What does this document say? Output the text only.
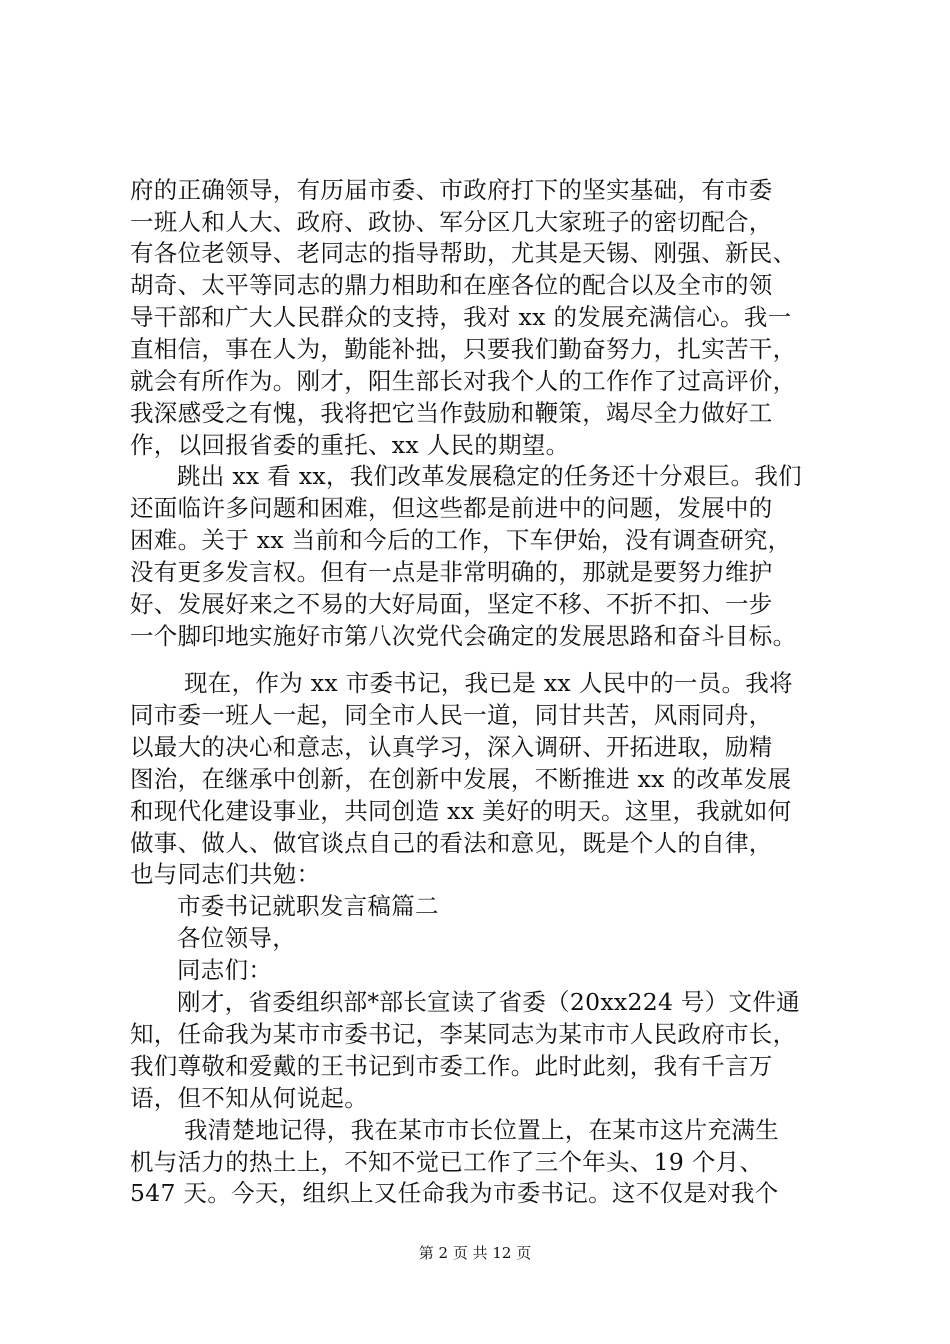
府的正确领导，有历届市委、市政府打下的坚实基础，有市委
一班人和人大、政府、政协、军分区几大家班子的密切配合，
有各位老领导、老同志的指导帮助，尤其是天锡、刚强、新民、
胡奇、太平等同志的鼎力相助和在座各位的配合以及全市的领
导干部和广大人民群众的支持，我对 xx 的发展充满信心。我一
直相信，事在人为，勤能补拙，只要我们勤奋努力，扎实苦干，
就会有所作为。刚才，阳生部长对我个人的工作作了过高评价，
我深感受之有愧，我将把它当作鼓励和鞭策，竭尽全力做好工
作，以回报省委的重托、xx 人民的期望。
跳出 xx 看 xx，我们改革发展稳定的任务还十分艰巨。我们
还面临许多问题和困难，但这些都是前进中的问题，发展中的
困难。关于 xx 当前和今后的工作，下车伊始，没有调查研究，
没有更多发言权。但有一点是非常明确的，那就是要努力维护
好、发展好来之不易的大好局面，坚定不移、不折不扣、一步
一个脚印地实施好市第八次党代会确定的发展思路和奋斗目标。
现在，作为 xx 市委书记，我已是 xx 人民中的一员。我将
同市委一班人一起，同全市人民一道，同甘共苦，风雨同舟，
以最大的决心和意志，认真学习，深入调研、开拓进取，励精
图治，在继承中创新，在创新中发展，不断推进 xx 的改革发展
和现代化建设事业，共同创造 xx 美好的明天。这里，我就如何
做事、做人、做官谈点自己的看法和意见，既是个人的自律，
也与同志们共勉：
市委书记就职发言稿篇二
各位领导，
同志们：
刚才，省委组织部*部长宣读了省委（20xx224 号）文件通
知，任命我为某市市委书记，李某同志为某市市人民政府市长，
我们尊敬和爱戴的王书记到市委工作。此时此刻，我有千言万
语，但不知从何说起。
我清楚地记得，我在某市市长位置上，在某市这片充满生
机与活力的热土上，不知不觉已工作了三个年头、19 个月、
547 天。今天，组织上又任命我为市委书记。这不仅是对我个
第 2 页 共 12 页
